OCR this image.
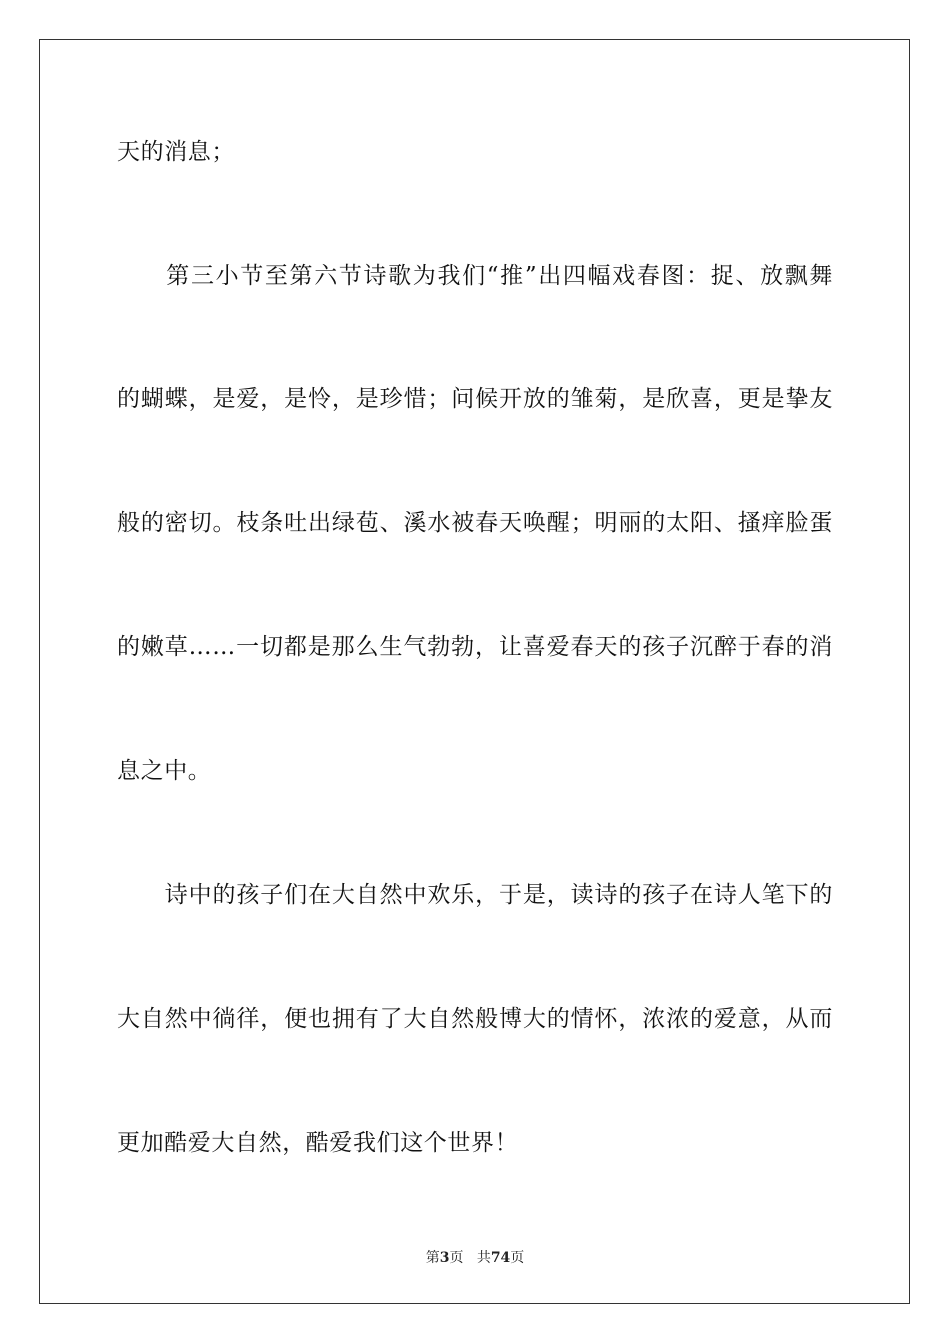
天的消息；
　　第三小节至第六节诗歌为我们“推”出四幅戏春图：捉、放飘舞
的蝴蝶，是爱，是怜，是珍惜；问候开放的雏菊，是欣喜，更是挚友
般的密切。枝条吐出绿苞、溪水被春天唤醒；明丽的太阳、搔痒脸蛋
的嫩草……一切都是那么生气勃勃，让喜爱春天的孩子沉醉于春的消
息之中。
　　诗中的孩子们在大自然中欢乐，于是，读诗的孩子在诗人笔下的
大自然中徜徉，便也拥有了大自然般博大的情怀，浓浓的爱意，从而
更加酷爱大自然，酷爱我们这个世界！
第3页 共74页
